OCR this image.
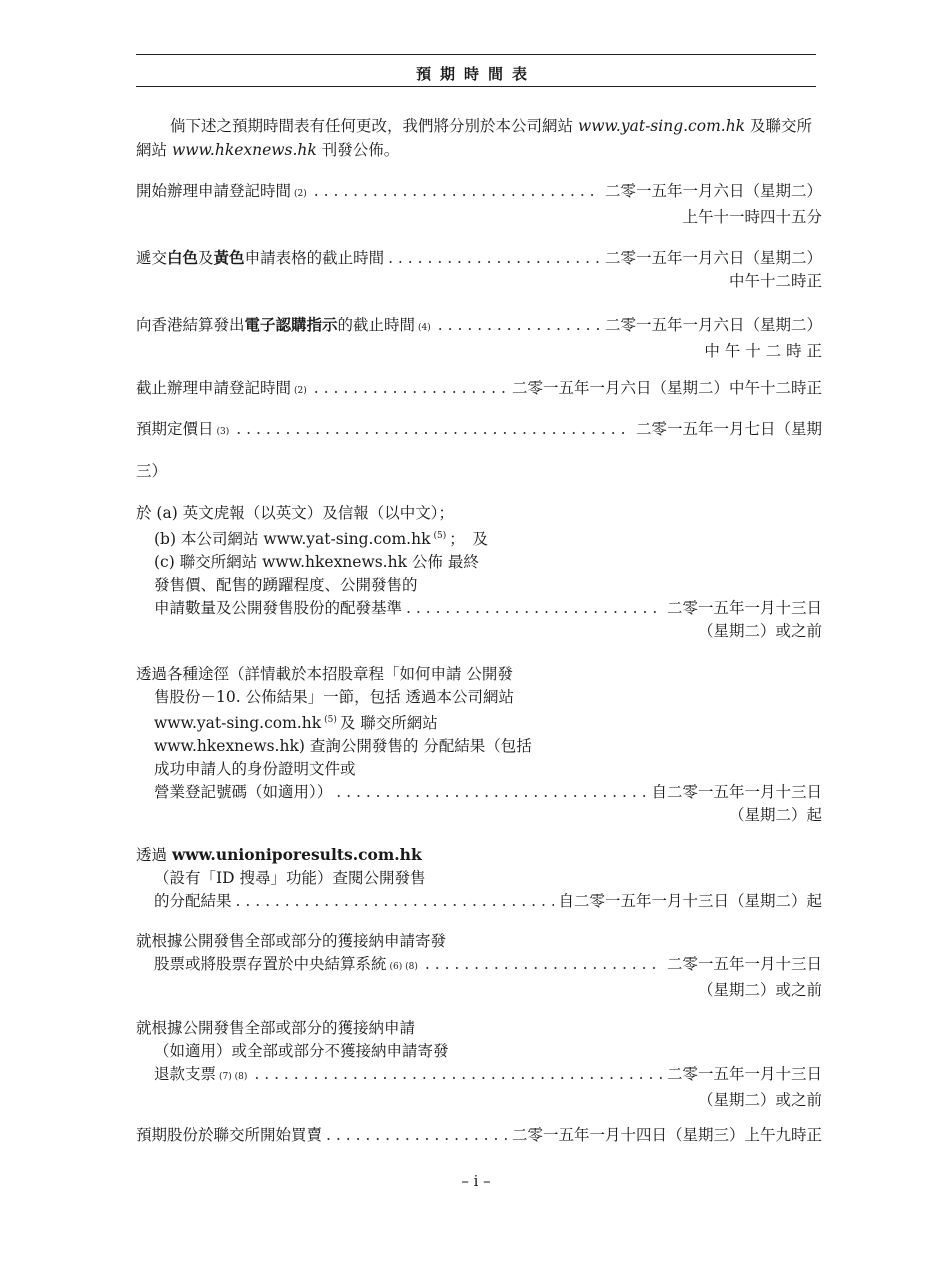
預期時間表
倘下述之預期時間表有任何更改，我們將分別於本公司網站 www.yat-sing.com.hk 及聯交所網站 www.hkexnews.hk 刊發公佈。
開始辦理申請登記時間 (2) . . .	二零一五年一月六日（星期二）
上午十一時四十五分
遞交 白色 及 黃色 申請表格的截止時間 . . .	二零一五年一月六日（星期二）
中午十二時正
向香港結算發出 電子認購指示 的截止時間 (4) . . .	二零一五年一月六日（星期二）
中 午 十 二 時 正
截止辦理申請登記時間 (2) . . .	二零一五年一月六日（星期二）中午十二時正
預期定價日 (3) . . .	二零一五年一月七日（星期
三）
於 (a) 英文虎報（以英文）及信報（以中文）；
(b) 本公司網站 www.yat-sing.com.hk $^{(5)}$ ；　及
(c) 聯交所網站 www.hkexnews.hk 公佈 最終
發售價、配售的踴躍程度、公開發售的
申請數量及公開發售股份的配發基準 . . .	二零一五年一月十三日
（星期二）或之前
透過各種途徑（詳情載於本招股章程「如何申請 公開發
售股份－10. 公佈結果」一節，包括 透過本公司網站
www.yat-sing.com.hk $^{(5)}$ 及 聯交所網站
www.hkexnews.hk) 查詢公開發售的 分配結果（包括
成功申請人的身份證明文件或
營業登記號碼（如適用）） . . .	自二零一五年一月十三日
（星期二）起
透過 www.unioniporesults.com.hk
（設有「ID 搜尋」功能）查閱公開發售
的分配結果 . . .	自二零一五年一月十三日（星期二）起
就根據公開發售全部或部分的獲接納申請寄發
股票或將股票存置於中央結算系統 (6) (8) . . .	二零一五年一月十三日
（星期二）或之前
就根據公開發售全部或部分的獲接納申請
（如適用）或全部或部分不獲接納申請寄發
退款支票 (7) (8) . . .	二零一五年一月十三日
（星期二）或之前
預期股份於聯交所開始買賣 . . .	二零一五年一月十四日（星期三）上午九時正
– i –
